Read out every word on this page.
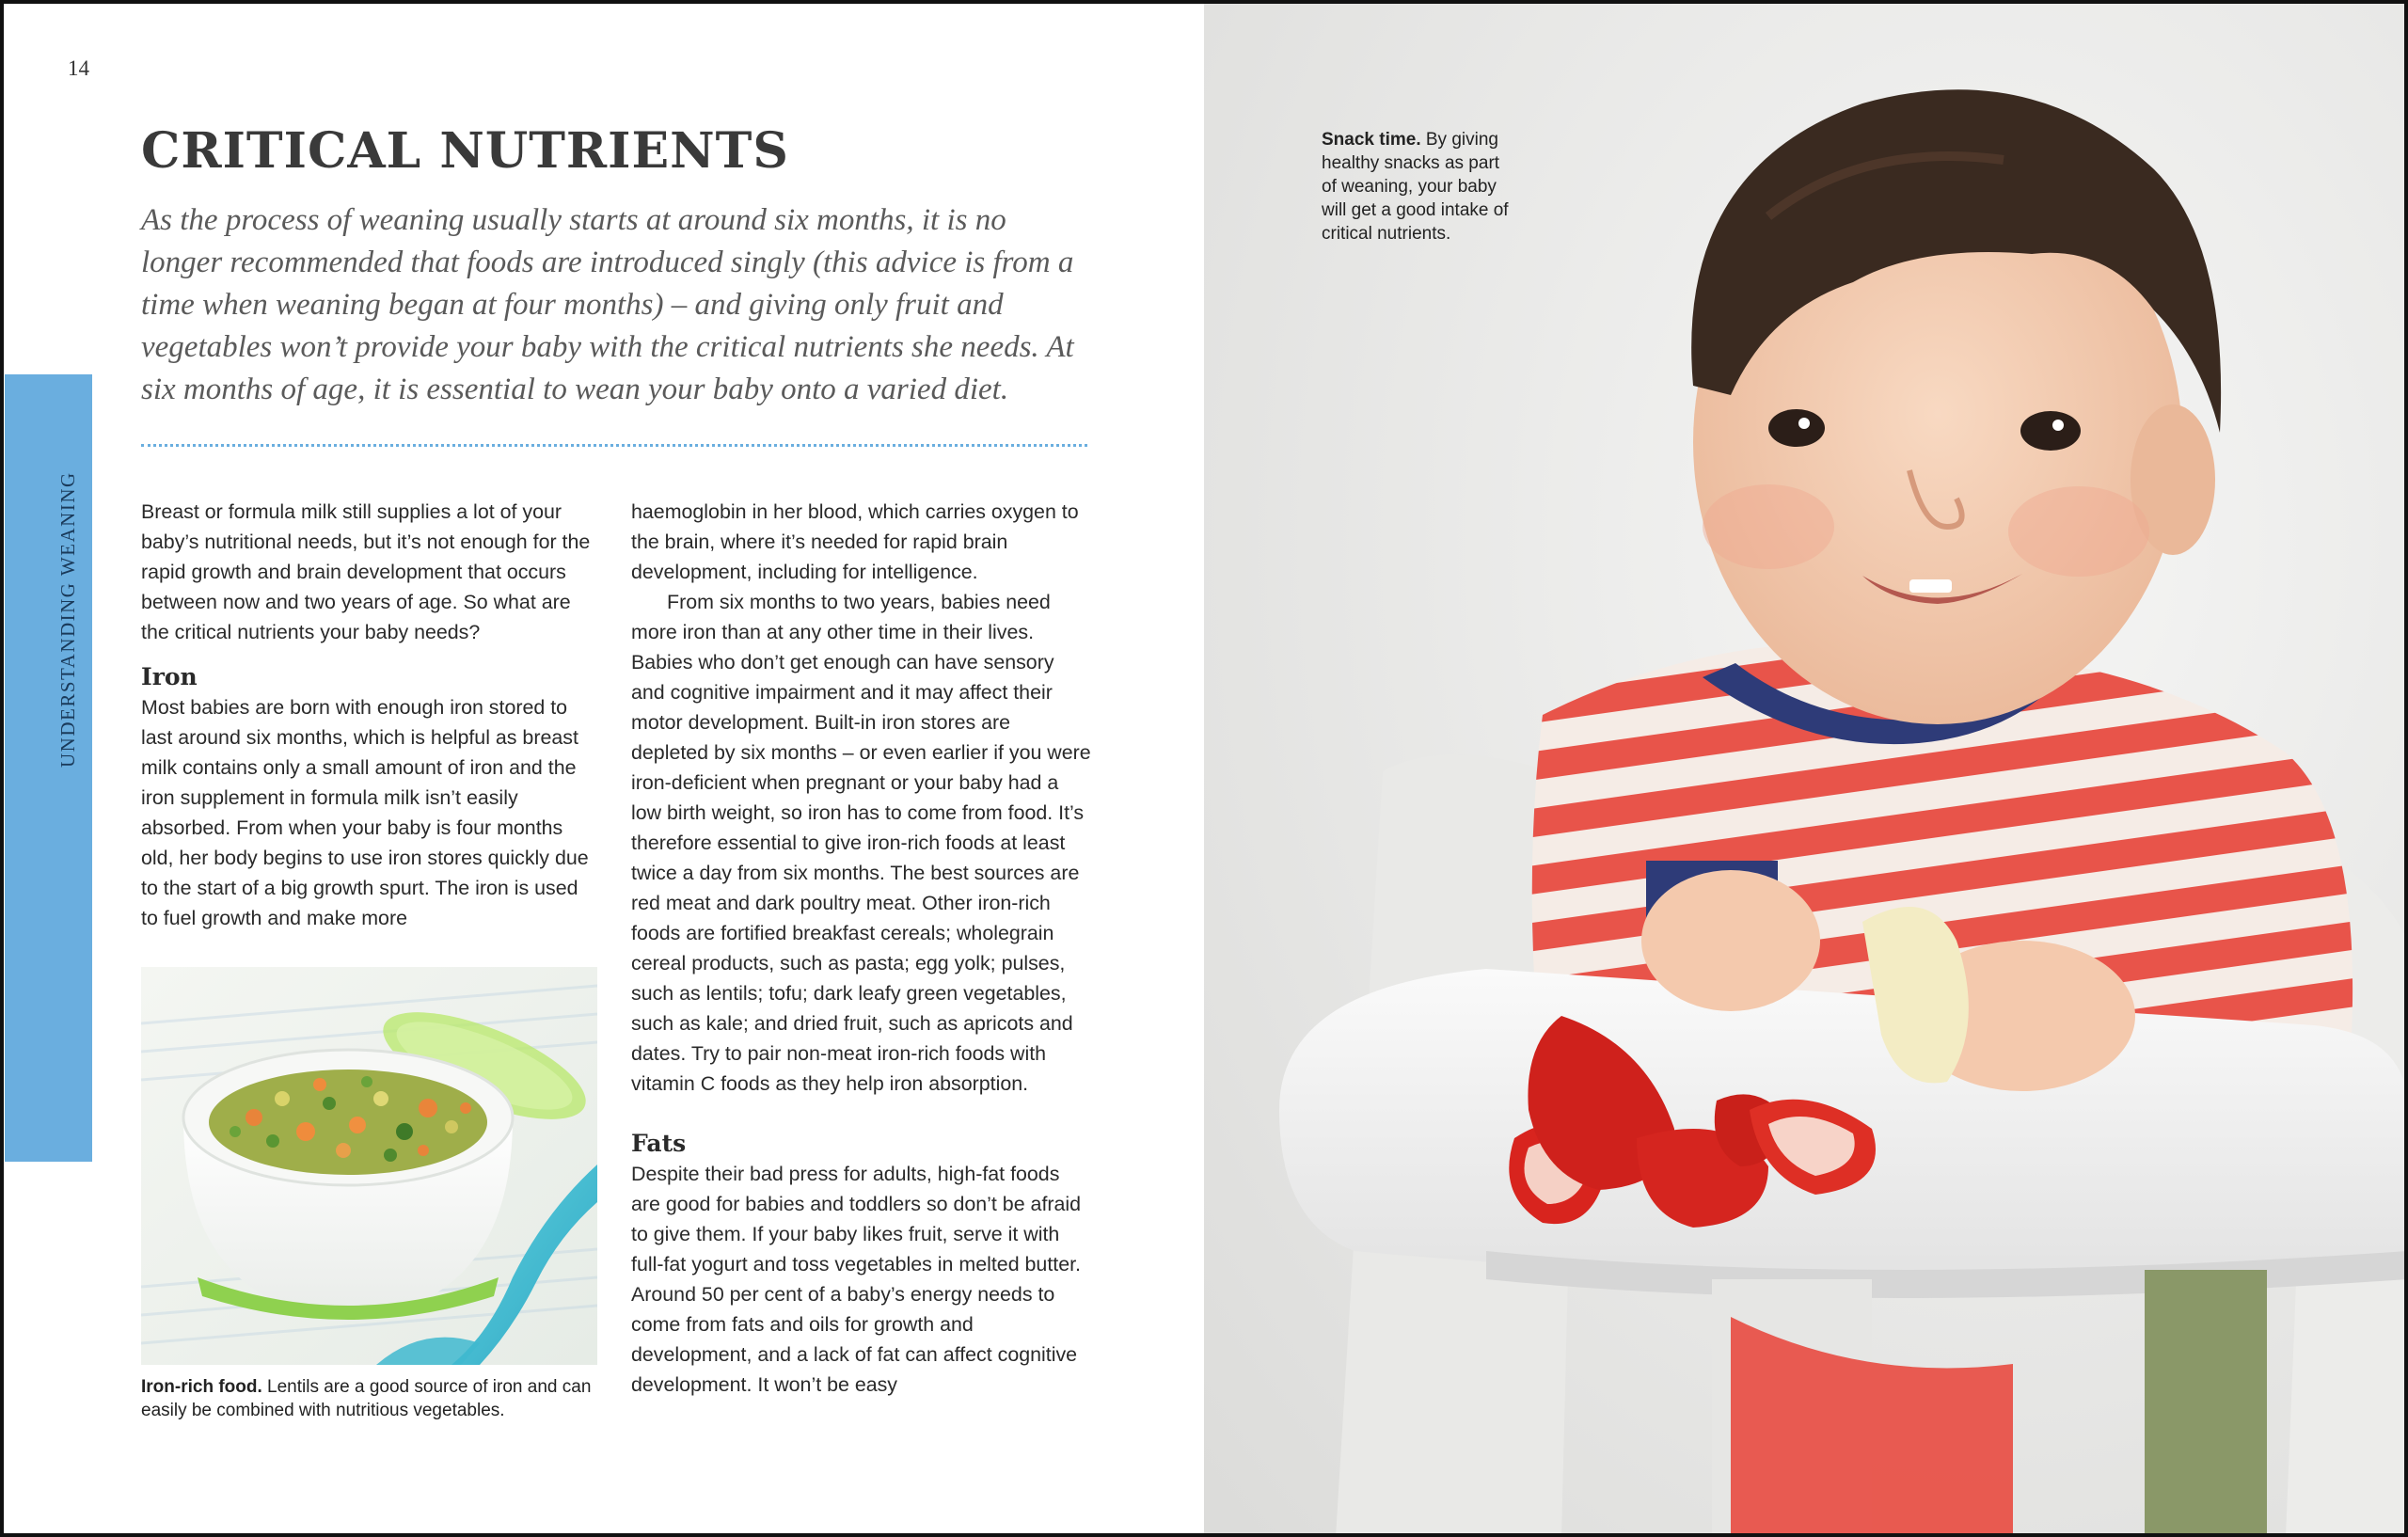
14
UNDERSTANDING WEANING
CRITICAL NUTRIENTS

As the process of weaning usually starts at around six months, it is no longer recommended that foods are introduced singly (this advice is from a time when weaning began at four months) – and giving only fruit and vegetables won’t provide your baby with the critical nutrients she needs. At six months of age, it is essential to wean your baby onto a varied diet.

Breast or formula milk still supplies a lot of your baby’s nutritional needs, but it’s not enough for the rapid growth and brain development that occurs between now and two years of age. So what are the critical nutrients your baby needs?

Iron

Most babies are born with enough iron stored to last around six months, which is helpful as breast milk contains only a small amount of iron and the iron supplement in formula milk isn’t easily absorbed. From when your baby is four months old, her body begins to use iron stores quickly due to the start of a big growth spurt. The iron is used to fuel growth and make more

Iron-rich food. Lentils are a good source of iron and can easily be combined with nutritious vegetables.

haemoglobin in her blood, which carries oxygen to the brain, where it’s needed for rapid brain development, including for intelligence.

From six months to two years, babies need more iron than at any other time in their lives. Babies who don’t get enough can have sensory and cognitive impairment and it may affect their motor development. Built-in iron stores are depleted by six months – or even earlier if you were iron-deficient when pregnant or your baby had a low birth weight, so iron has to come from food. It’s therefore essential to give iron-rich foods at least twice a day from six months. The best sources are red meat and dark poultry meat. Other iron-rich foods are fortified breakfast cereals; wholegrain cereal products, such as pasta; egg yolk; pulses, such as lentils; tofu; dark leafy green vegetables, such as kale; and dried fruit, such as apricots and dates. Try to pair non-meat iron-rich foods with vitamin C foods as they help iron absorption.

Fats

Despite their bad press for adults, high-fat foods are good for babies and toddlers so don’t be afraid to give them. If your baby likes fruit, serve it with full-fat yogurt and toss vegetables in melted butter. Around 50 per cent of a baby’s energy needs to come from fats and oils for growth and development, and a lack of fat can affect cognitive development. It won’t be easy

Snack time. By giving healthy snacks as part of weaning, your baby will get a good intake of critical nutrients.
